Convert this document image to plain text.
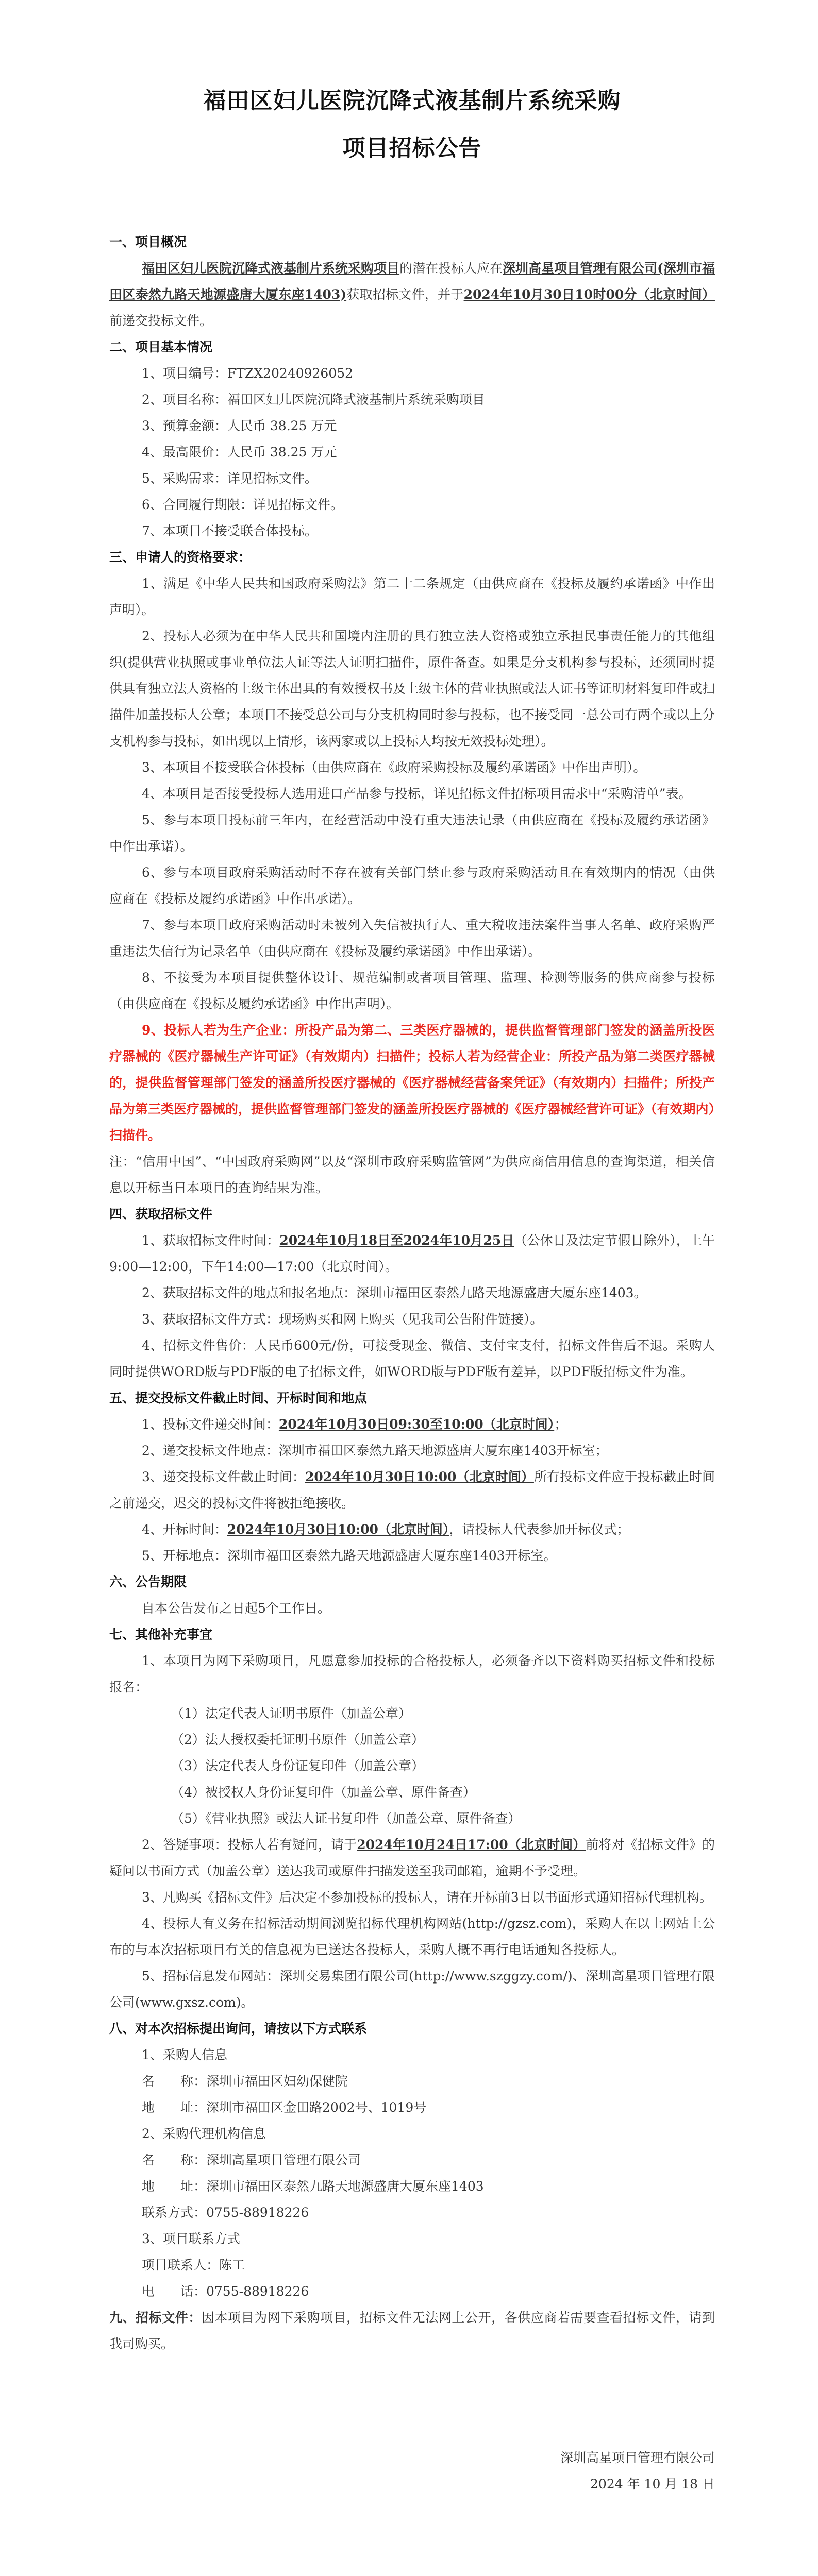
福田区妇儿医院沉降式液基制片系统采购
项目招标公告
一、项目概况
福田区妇儿医院沉降式液基制片系统采购项目的潜在投标人应在深圳高星项目管理有限公司(深圳市福田区泰然九路天地源盛唐大厦东座1403)获取招标文件，并于2024年10月30日10时00分（北京时间）前递交投标文件。
二、项目基本情况
1、项目编号：FTZX20240926052
2、项目名称：福田区妇儿医院沉降式液基制片系统采购项目
3、预算金额：人民币 38.25 万元
4、最高限价：人民币 38.25 万元
5、采购需求：详见招标文件。
6、合同履行期限：详见招标文件。
7、本项目不接受联合体投标。
三、申请人的资格要求：
1、满足《中华人民共和国政府采购法》第二十二条规定（由供应商在《投标及履约承诺函》中作出声明）。
2、投标人必须为在中华人民共和国境内注册的具有独立法人资格或独立承担民事责任能力的其他组织(提供营业执照或事业单位法人证等法人证明扫描件，原件备查。如果是分支机构参与投标，还须同时提供具有独立法人资格的上级主体出具的有效授权书及上级主体的营业执照或法人证书等证明材料复印件或扫描件加盖投标人公章；本项目不接受总公司与分支机构同时参与投标，也不接受同一总公司有两个或以上分支机构参与投标，如出现以上情形，该两家或以上投标人均按无效投标处理）。
3、本项目不接受联合体投标（由供应商在《政府采购投标及履约承诺函》中作出声明）。
4、本项目是否接受投标人选用进口产品参与投标，详见招标文件招标项目需求中“采购清单”表。
5、参与本项目投标前三年内，在经营活动中没有重大违法记录（由供应商在《投标及履约承诺函》中作出承诺）。
6、参与本项目政府采购活动时不存在被有关部门禁止参与政府采购活动且在有效期内的情况（由供应商在《投标及履约承诺函》中作出承诺）。
7、参与本项目政府采购活动时未被列入失信被执行人、重大税收违法案件当事人名单、政府采购严重违法失信行为记录名单（由供应商在《投标及履约承诺函》中作出承诺）。
8、不接受为本项目提供整体设计、规范编制或者项目管理、监理、检测等服务的供应商参与投标（由供应商在《投标及履约承诺函》中作出声明）。
9、投标人若为生产企业：所投产品为第二、三类医疗器械的，提供监督管理部门签发的涵盖所投医疗器械的《医疗器械生产许可证》（有效期内）扫描件；投标人若为经营企业：所投产品为第二类医疗器械的，提供监督管理部门签发的涵盖所投医疗器械的《医疗器械经营备案凭证》（有效期内）扫描件；所投产品为第三类医疗器械的，提供监督管理部门签发的涵盖所投医疗器械的《医疗器械经营许可证》（有效期内）扫描件。
注：“信用中国”、“中国政府采购网”以及“深圳市政府采购监管网”为供应商信用信息的查询渠道，相关信息以开标当日本项目的查询结果为准。
四、获取招标文件
1、获取招标文件时间：2024年10月18日至2024年10月25日（公休日及法定节假日除外），上午9:00—12:00，下午14:00—17:00（北京时间）。
2、获取招标文件的地点和报名地点：深圳市福田区泰然九路天地源盛唐大厦东座1403。
3、获取招标文件方式：现场购买和网上购买（见我司公告附件链接）。
4、招标文件售价：人民币600元/份，可接受现金、微信、支付宝支付，招标文件售后不退。采购人同时提供WORD版与PDF版的电子招标文件，如WORD版与PDF版有差异，以PDF版招标文件为准。
五、提交投标文件截止时间、开标时间和地点
1、投标文件递交时间：2024年10月30日09:30至10:00（北京时间）；
2、递交投标文件地点：深圳市福田区泰然九路天地源盛唐大厦东座1403开标室；
3、递交投标文件截止时间：2024年10月30日10:00（北京时间）所有投标文件应于投标截止时间之前递交，迟交的投标文件将被拒绝接收。
4、开标时间：2024年10月30日10:00（北京时间），请投标人代表参加开标仪式；
5、开标地点：深圳市福田区泰然九路天地源盛唐大厦东座1403开标室。
六、公告期限
自本公告发布之日起5个工作日。
七、其他补充事宜
1、本项目为网下采购项目，凡愿意参加投标的合格投标人，必须备齐以下资料购买招标文件和投标报名：
（1）法定代表人证明书原件（加盖公章）
（2）法人授权委托证明书原件（加盖公章）
（3）法定代表人身份证复印件（加盖公章）
（4）被授权人身份证复印件（加盖公章、原件备查）
（5）《营业执照》或法人证书复印件（加盖公章、原件备查）
2、答疑事项：投标人若有疑问，请于2024年10月24日17:00（北京时间）前将对《招标文件》的疑问以书面方式（加盖公章）送达我司或原件扫描发送至我司邮箱，逾期不予受理。
3、凡购买《招标文件》后决定不参加投标的投标人，请在开标前3日以书面形式通知招标代理机构。
4、投标人有义务在招标活动期间浏览招标代理机构网站(http://gzsz.com)，采购人在以上网站上公布的与本次招标项目有关的信息视为已送达各投标人，采购人概不再行电话通知各投标人。
5、招标信息发布网站：深圳交易集团有限公司(http://www.szggzy.com/)、深圳高星项目管理有限公司(www.gxsz.com)。
八、对本次招标提出询问，请按以下方式联系
1、采购人信息
名　　称：深圳市福田区妇幼保健院
地　　址：深圳市福田区金田路2002号、1019号
2、采购代理机构信息
名　　称：深圳高星项目管理有限公司
地　　址：深圳市福田区泰然九路天地源盛唐大厦东座1403
联系方式：0755-88918226
3、项目联系方式
项目联系人：陈工
电　　话：0755-88918226
九、招标文件：因本项目为网下采购项目，招标文件无法网上公开，各供应商若需要查看招标文件，请到我司购买。
深圳高星项目管理有限公司
2024 年 10 月 18 日
